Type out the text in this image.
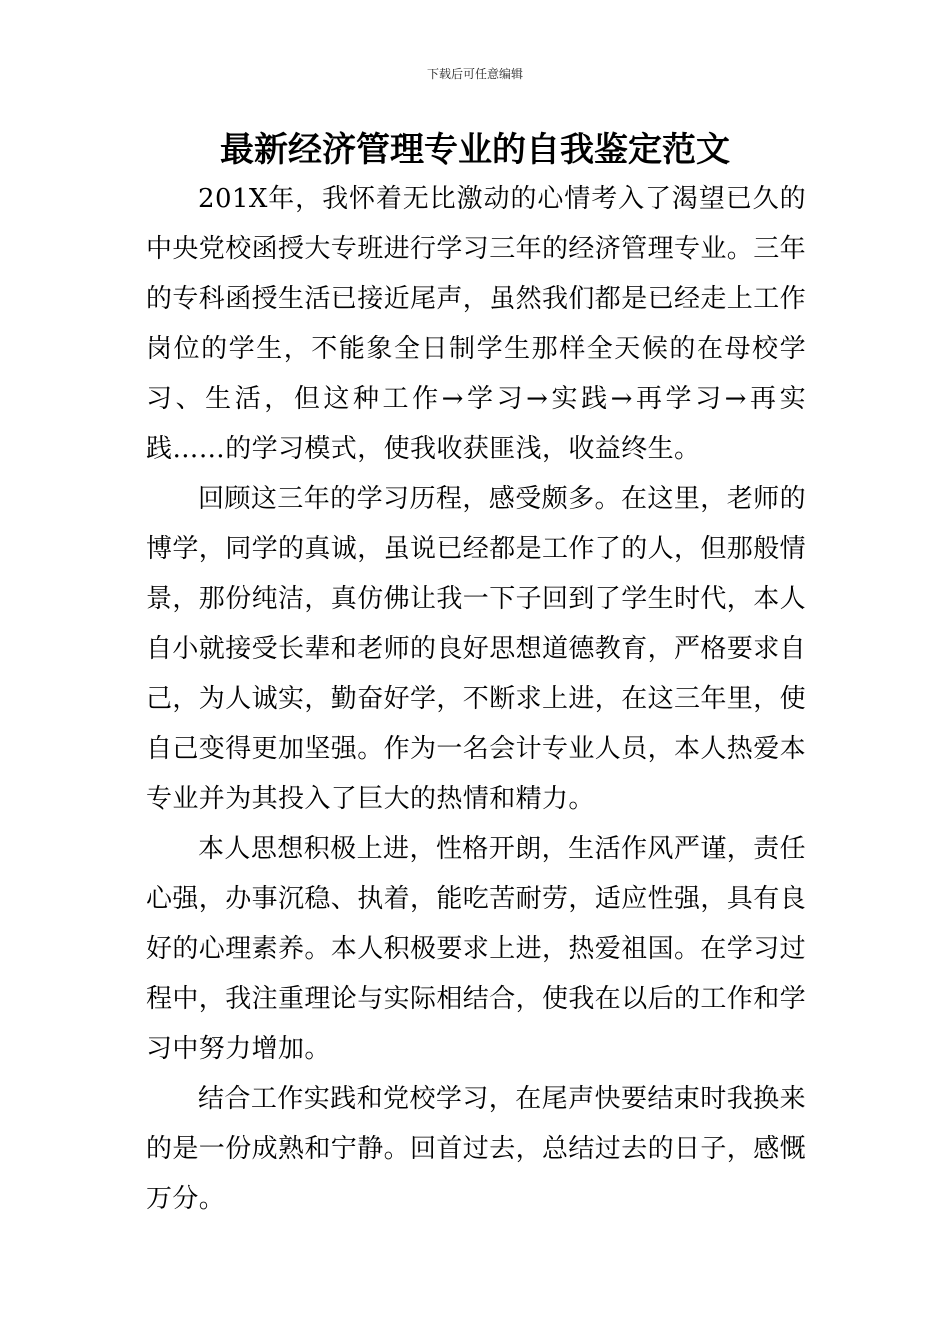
下载后可任意编辑
最新经济管理专业的自我鉴定范文

201X年，我怀着无比激动的心情考入了渴望已久的中央党校函授大专班进行学习三年的经济管理专业。三年的专科函授生活已接近尾声，虽然我们都是已经走上工作岗位的学生，不能象全日制学生那样全天候的在母校学习、生活，但这种工作→学习→实践→再学习→再实践……的学习模式，使我收获匪浅，收益终生。

回顾这三年的学习历程，感受颇多。在这里，老师的博学，同学的真诚，虽说已经都是工作了的人，但那般情景，那份纯洁，真仿佛让我一下子回到了学生时代，本人自小就接受长辈和老师的良好思想道德教育，严格要求自己，为人诚实，勤奋好学，不断求上进，在这三年里，使自己变得更加坚强。作为一名会计专业人员，本人热爱本专业并为其投入了巨大的热情和精力。

本人思想积极上进，性格开朗，生活作风严谨，责任心强，办事沉稳、执着，能吃苦耐劳，适应性强，具有良好的心理素养。本人积极要求上进，热爱祖国。在学习过程中，我注重理论与实际相结合，使我在以后的工作和学习中努力增加。

结合工作实践和党校学习，在尾声快要结束时我换来的是一份成熟和宁静。回首过去，总结过去的日子，感慨万分。
